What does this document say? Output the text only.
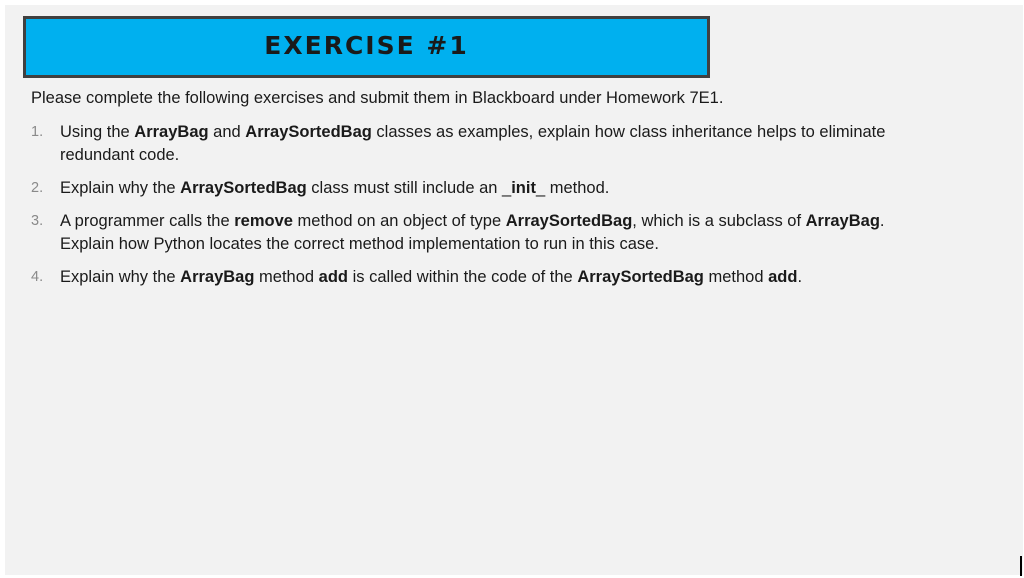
EXERCISE #1
Please complete the following exercises and submit them in Blackboard under Homework 7E1.
1. Using the ArrayBag and ArraySortedBag classes as examples, explain how class inheritance helps to eliminate redundant code.
2. Explain why the ArraySortedBag class must still include an _init_ method.
3. A programmer calls the remove method on an object of type ArraySortedBag, which is a subclass of ArrayBag. Explain how Python locates the correct method implementation to run in this case.
4. Explain why the ArrayBag method add is called within the code of the ArraySortedBag method add.
